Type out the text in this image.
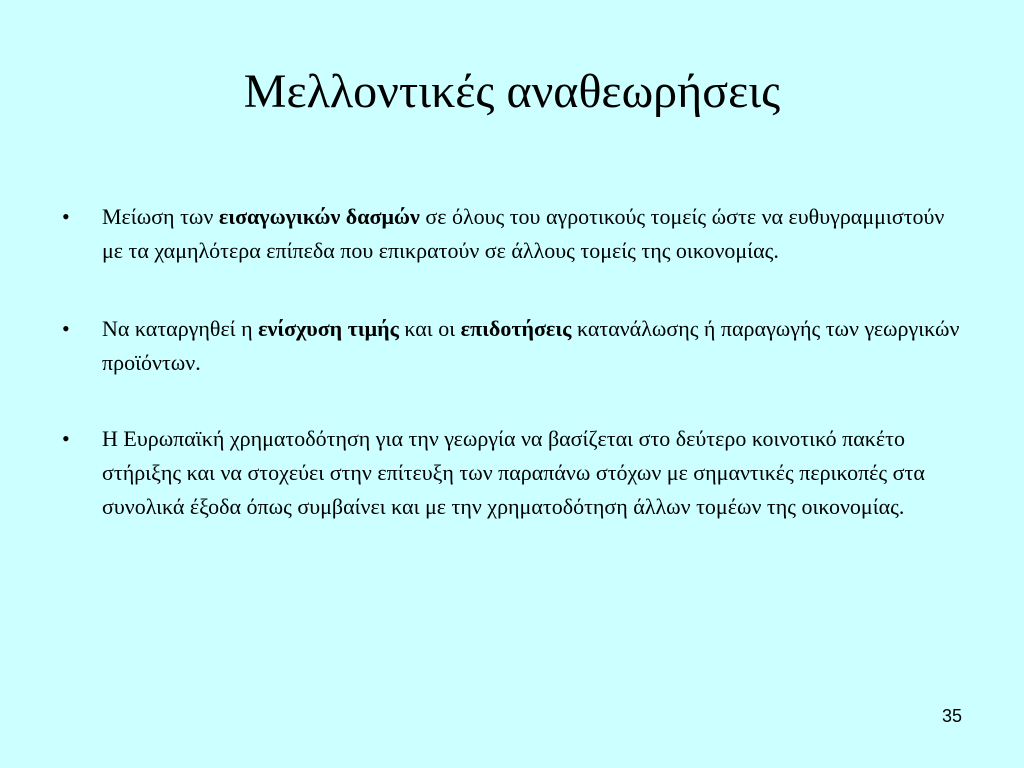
Μελλοντικές αναθεωρήσεις
•	Μείωση των εισαγωγικών δασμών σε όλους του αγροτικούς τομείς ώστε να ευθυγραμμιστούν με τα χαμηλότερα επίπεδα που επικρατούν σε άλλους τομείς της οικονομίας.
•	Να καταργηθεί η ενίσχυση τιμής και οι επιδοτήσεις κατανάλωσης ή παραγωγής των γεωργικών προϊόντων.
•	Η Ευρωπαϊκή χρηματοδότηση για την γεωργία να βασίζεται στο δεύτερο κοινοτικό πακέτο στήριξης και να στοχεύει στην επίτευξη των παραπάνω στόχων με σημαντικές περικοπές στα συνολικά έξοδα όπως συμβαίνει και με την χρηματοδότηση άλλων τομέων της οικονομίας.
35
